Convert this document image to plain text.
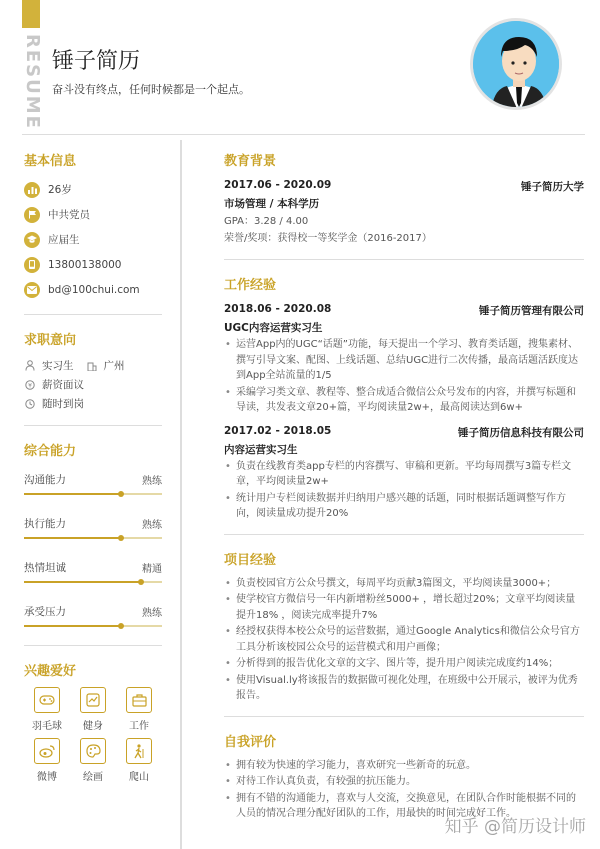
RESUME 锤子简历
奋斗没有终点，任何时候都是一个起点。
基本信息
26岁
中共党员
应届生
13800138000
bd@100chui.com
求职意向
实习生	广州
¥ 薪资面议
随时到岗
综合能力
沟通能力	熟练
执行能力	熟练
热情坦诚	精通
承受压力	熟练
兴趣爱好
羽毛球	健身	工作
微博	绘画	爬山
教育背景
2017.06 - 2020.09	锤子简历大学
市场管理 / 本科学历
GPA：3.28 / 4.00
荣誉/奖项：获得校一等奖学金（2016-2017）
工作经验
2018.06 - 2020.08	锤子简历管理有限公司
UGC内容运营实习生
• 运营App内的UGC“话题”功能，每天提出一个学习、教育类话题，搜集素材、撰写引导文案、配图、上线话题、总结UGC进行二次传播，最高话题活跃度达到App全站流量的1/5
• 采编学习类文章、教程等、整合成适合微信公众号发布的内容，并撰写标题和导读，共发表文章20+篇，平均阅读量2w+，最高阅读达到6w+
2017.02 - 2018.05	锤子简历信息科技有限公司
内容运营实习生
• 负责在线教育类app专栏的内容撰写、审稿和更新。平均每周撰写3篇专栏文章，平均阅读量2w+
• 统计用户专栏阅读数据并归纳用户感兴趣的话题，同时根据话题调整写作方向，阅读量成功提升20%
项目经验
• 负责校园官方公众号撰文，每周平均贡献3篇图文，平均阅读量3000+；
• 使学校官方微信号一年内新增粉丝5000+ ，增长超过20%；文章平均阅读量提升18% ，阅读完成率提升7%
• 经授权获得本校公众号的运营数据，通过Google Analytics和微信公众号官方工具分析该校园公众号的运营模式和用户画像；
• 分析得到的报告优化文章的文字、图片等，提升用户阅读完成度约14%；
• 使用Visual.ly将该报告的数据做可视化处理，在班级中公开展示，被评为优秀报告。
自我评价
• 拥有较为快速的学习能力，喜欢研究一些新奇的玩意。
• 对待工作认真负责，有较强的抗压能力。
• 拥有不错的沟通能力，喜欢与人交流，交换意见，在团队合作时能根据不同的人员的情况合理分配好团队的工作，用最快的时间完成好工作。
知乎 @简历设计师
